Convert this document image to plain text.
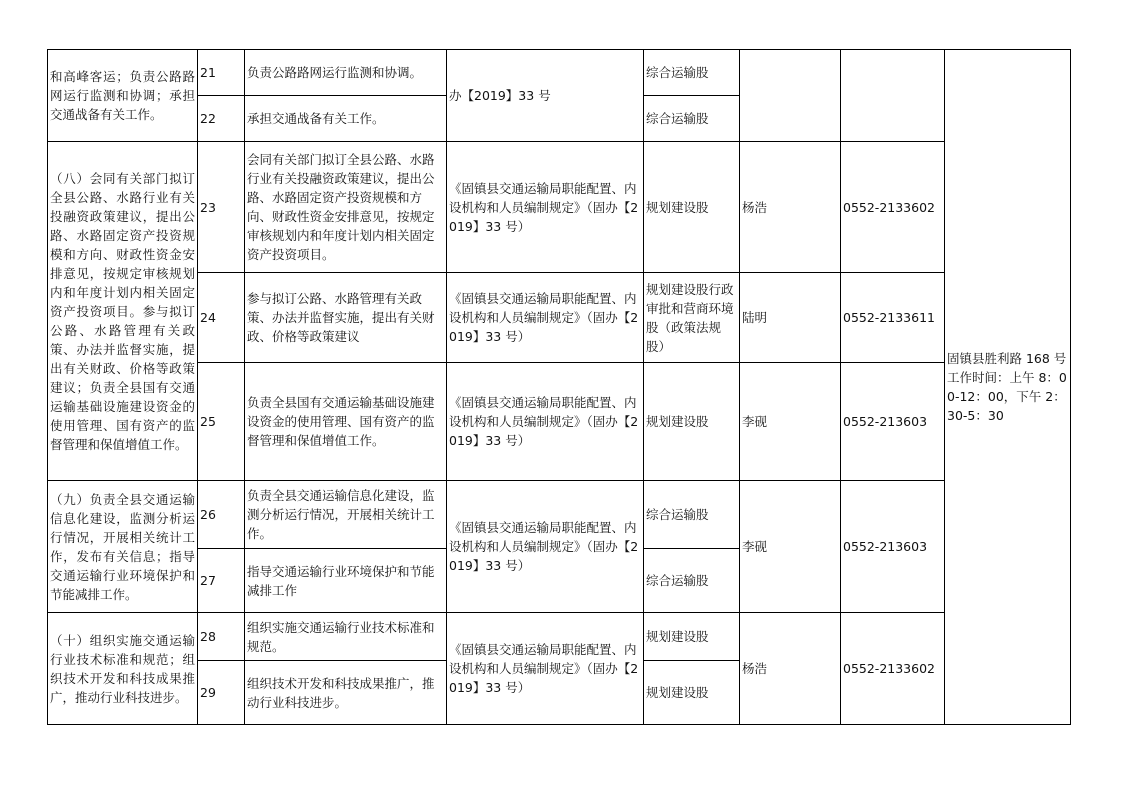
和高峰客运；负责公路路网运行监测和协调；承担交通战备有关工作。	21	负责公路路网运行监测和协调。	办【2019】33 号	综合运输股			固镇县胜利路 168 号 工作时间：上午 8：00-12：00，下午 2：30-5：30
	22	承担交通战备有关工作。		综合运输股			
（八）会同有关部门拟订全县公路、水路行业有关投融资政策建议，提出公路、水路固定资产投资规模和方向、财政性资金安排意见，按规定审核规划内和年度计划内相关固定资产投资项目。参与拟订公路、水路管理有关政策、办法并监督实施，提出有关财政、价格等政策建议；负责全县国有交通运输基础设施建设资金的使用管理、国有资产的监督管理和保值增值工作。	23	会同有关部门拟订全县公路、水路行业有关投融资政策建议，提出公路、水路固定资产投资规模和方向、财政性资金安排意见，按规定审核规划内和年度计划内相关固定资产投资项目。	《固镇县交通运输局职能配置、内设机构和人员编制规定》（固办【2019】33 号）	规划建设股	杨浩	0552-2133602	
	24	参与拟订公路、水路管理有关政策、办法并监督实施，提出有关财政、价格等政策建议	《固镇县交通运输局职能配置、内设机构和人员编制规定》（固办【2019】33 号）	规划建设股行政审批和营商环境股（政策法规股）	陆明	0552-2133611	
	25	负责全县国有交通运输基础设施建设资金的使用管理、国有资产的监督管理和保值增值工作。	《固镇县交通运输局职能配置、内设机构和人员编制规定》（固办【2019】33 号）	规划建设股	李砚	0552-213603	
（九）负责全县交通运输信息化建设，监测分析运行情况，开展相关统计工作，发布有关信息；指导交通运输行业环境保护和节能减排工作。	26	负责全县交通运输信息化建设，监测分析运行情况，开展相关统计工作。	《固镇县交通运输局职能配置、内设机构和人员编制规定》（固办【2019】33 号）	综合运输股	李砚	0552-213603	
	27	指导交通运输行业环境保护和节能减排工作		综合运输股			
（十）组织实施交通运输行业技术标准和规范；组织技术开发和科技成果推广，推动行业科技进步。	28	组织实施交通运输行业技术标准和规范。	《固镇县交通运输局职能配置、内设机构和人员编制规定》（固办【2019】33 号）	规划建设股	杨浩	0552-2133602	
	29	组织技术开发和科技成果推广，推动行业科技进步。		规划建设股			
